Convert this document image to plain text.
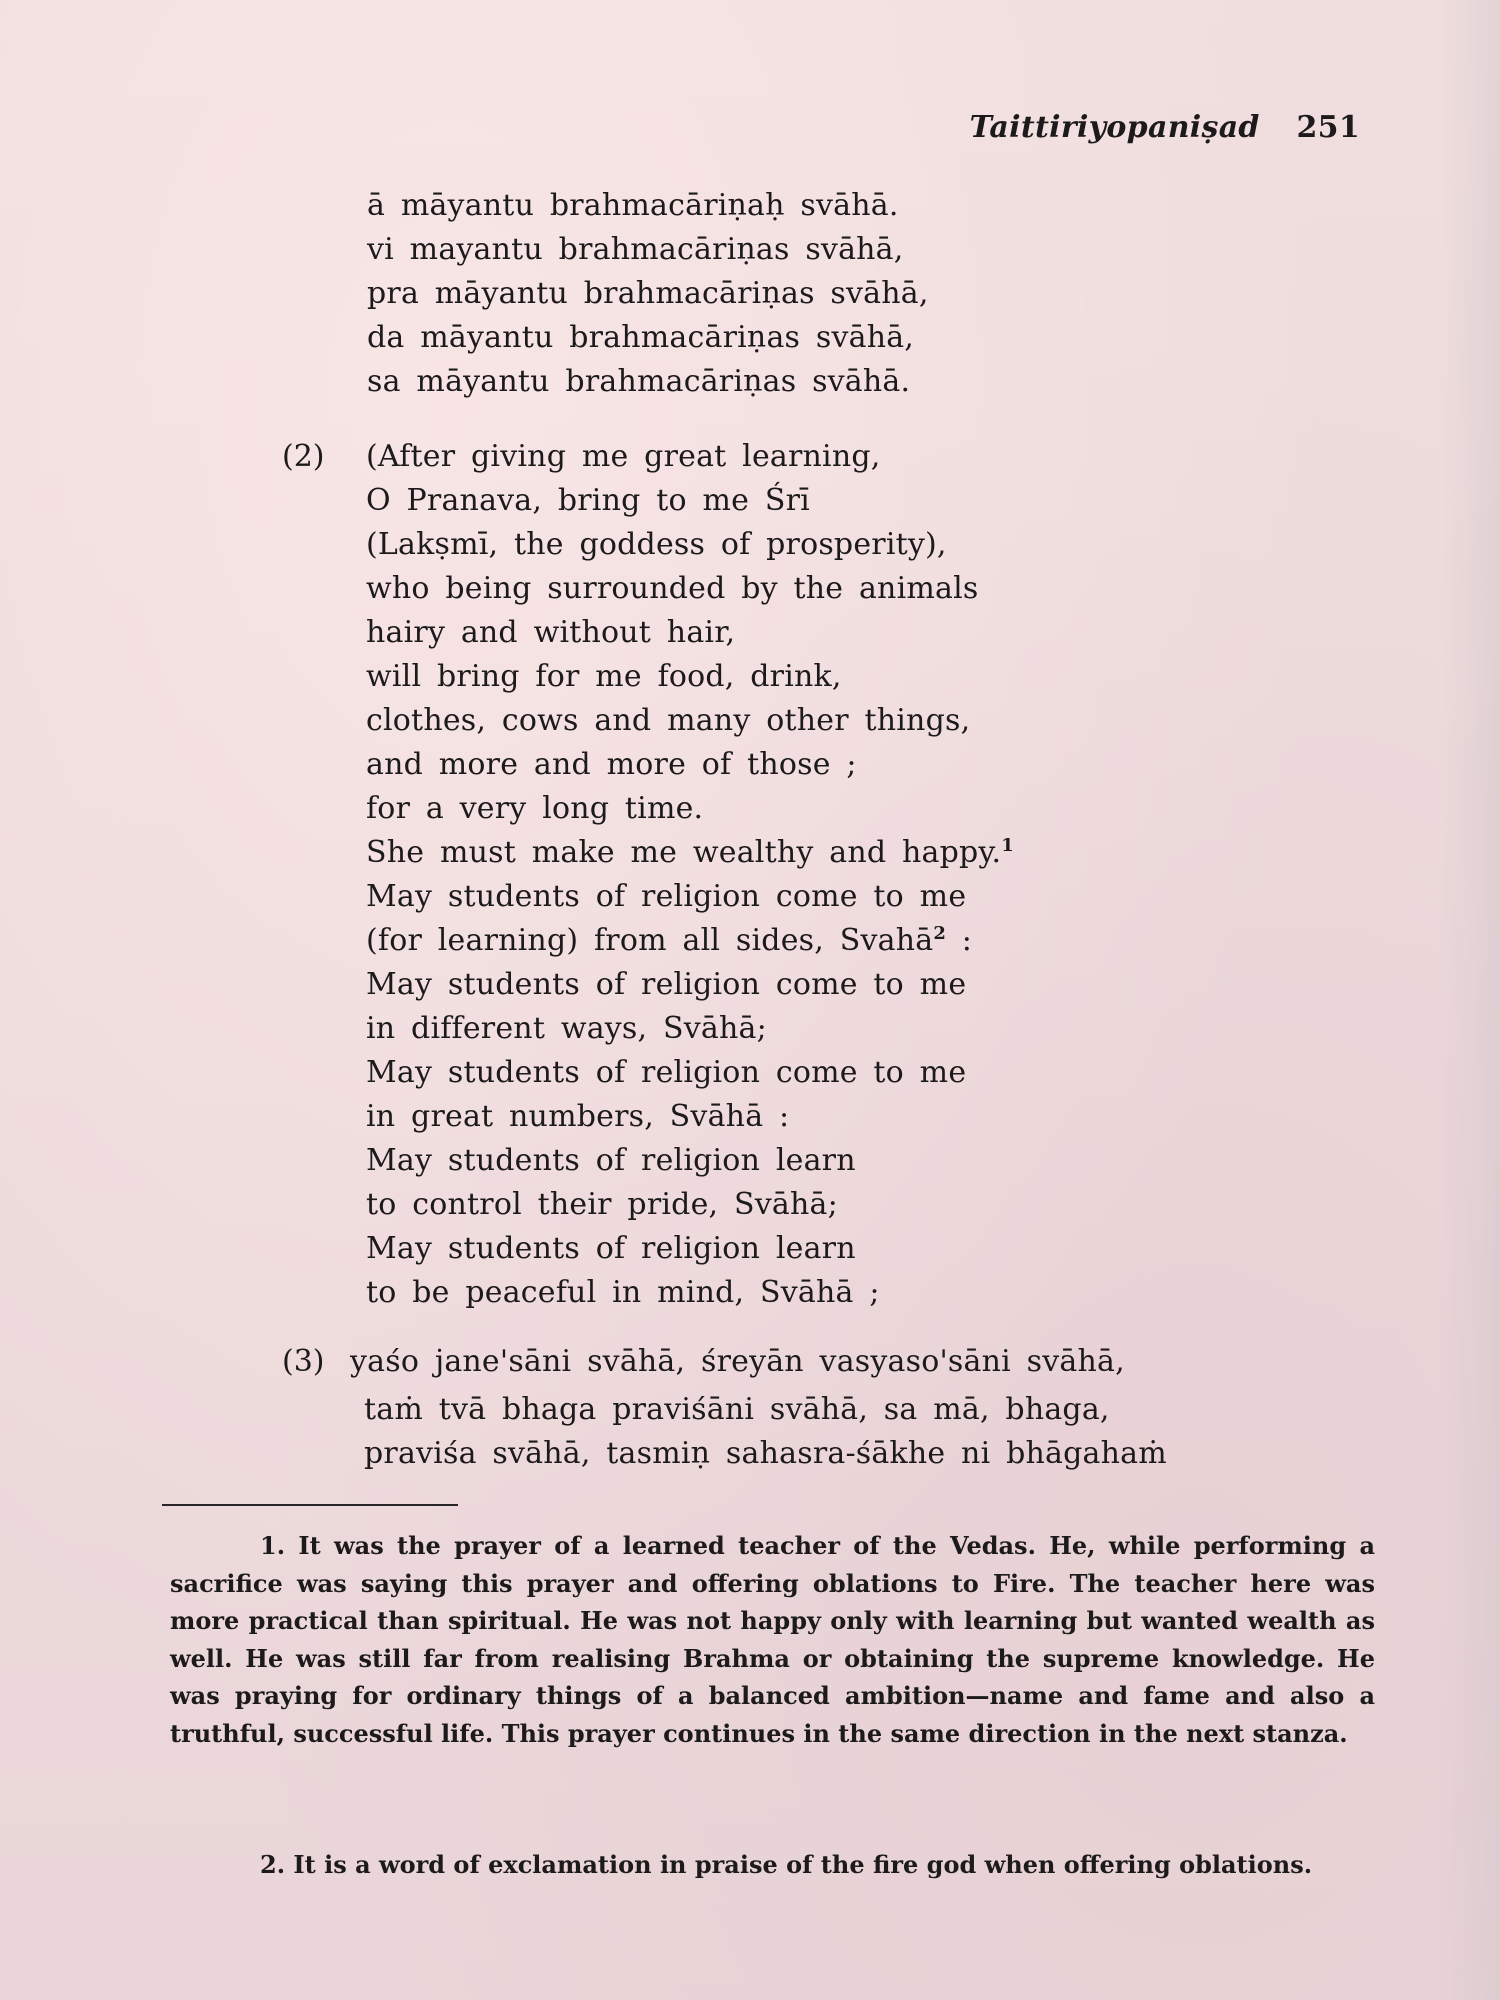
Taittiriyopaniṣad 251
ā māyantu brahmacāriṇaḥ svāhā.
vi mayantu brahmacāriṇas svāhā,
pra māyantu brahmacāriṇas svāhā,
da māyantu brahmacāriṇas svāhā,
sa māyantu brahmacāriṇas svāhā.
(2) (After giving me great learning,
O Pranava, bring to me Śrī
(Lakṣmī, the goddess of prosperity),
who being surrounded by the animals
hairy and without hair,
will bring for me food, drink,
clothes, cows and many other things,
and more and more of those ;
for a very long time.
She must make me wealthy and happy.$^1$
May students of religion come to me
(for learning) from all sides, Svahā$^2$ :
May students of religion come to me
in different ways, Svāhā;
May students of religion come to me
in great numbers, Svāhā :
May students of religion learn
to control their pride, Svāhā;
May students of religion learn
to be peaceful in mind, Svāhā ;
(3) yaśo jane'sāni svāhā, śreyān vasyaso'sāni svāhā,
taṁ tvā bhaga praviśāni svāhā, sa mā, bhaga,
praviśa svāhā, tasmiṇ sahasra-śākhe ni bhāgahaṁ
1. It was the prayer of a learned teacher of the Vedas. He, while performing a sacrifice was saying this prayer and offering oblations to Fire. The teacher here was more practical than spiritual. He was not happy only with learning but wanted wealth as well. He was still far from realising Brahma or obtaining the supreme knowledge. He was praying for ordinary things of a balanced ambition—name and fame and also a truthful, successful life. This prayer continues in the same direction in the next stanza.
2. It is a word of exclamation in praise of the fire god when offering oblations.
